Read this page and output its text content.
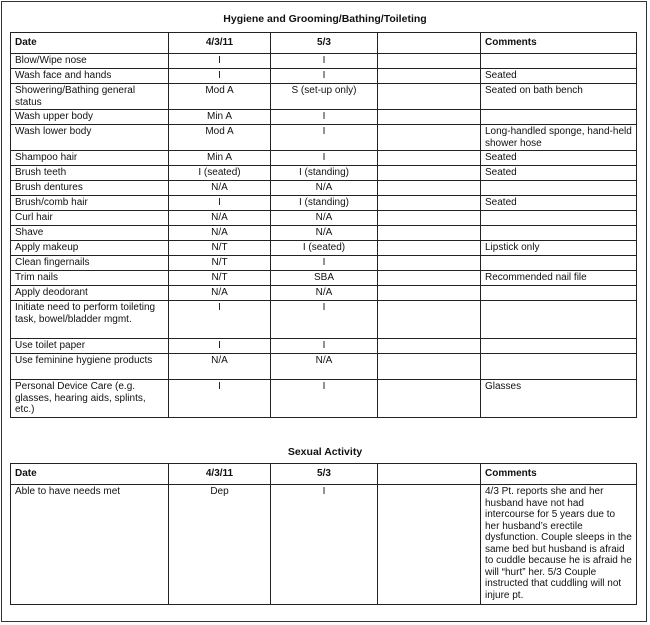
Hygiene and Grooming/Bathing/Toileting
Date	4/3/11	5/3		Comments
Blow/Wipe nose	I	I		
Wash face and hands	I	I		Seated
Showering/Bathing general status	Mod A	S (set-up only)		Seated on bath bench
Wash upper body	Min A	I		
Wash lower body	Mod A	I		Long-handled sponge, hand-held shower hose
Shampoo hair	Min A	I		Seated
Brush teeth	I (seated)	I (standing)		Seated
Brush dentures	N/A	N/A		
Brush/comb hair	I	I (standing)		Seated
Curl hair	N/A	N/A		
Shave	N/A	N/A		
Apply makeup	N/T	I (seated)		Lipstick only
Clean fingernails	N/T	I		
Trim nails	N/T	SBA		Recommended nail file
Apply deodorant	N/A	N/A		
Initiate need to perform toileting task, bowel/bladder mgmt.	I	I		
Use toilet paper	I	I		
Use feminine hygiene products	N/A	N/A		
Personal Device Care (e.g. glasses, hearing aids, splints, etc.)	I	I		Glasses
Sexual Activity
Date	4/3/11	5/3		Comments
Able to have needs met	Dep	I		4/3 Pt. reports she and her husband have not had intercourse for 5 years due to her husband’s erectile dysfunction. Couple sleeps in the same bed but husband is afraid to cuddle because he is afraid he will “hurt” her. 5/3 Couple instructed that cuddling will not injure pt.
